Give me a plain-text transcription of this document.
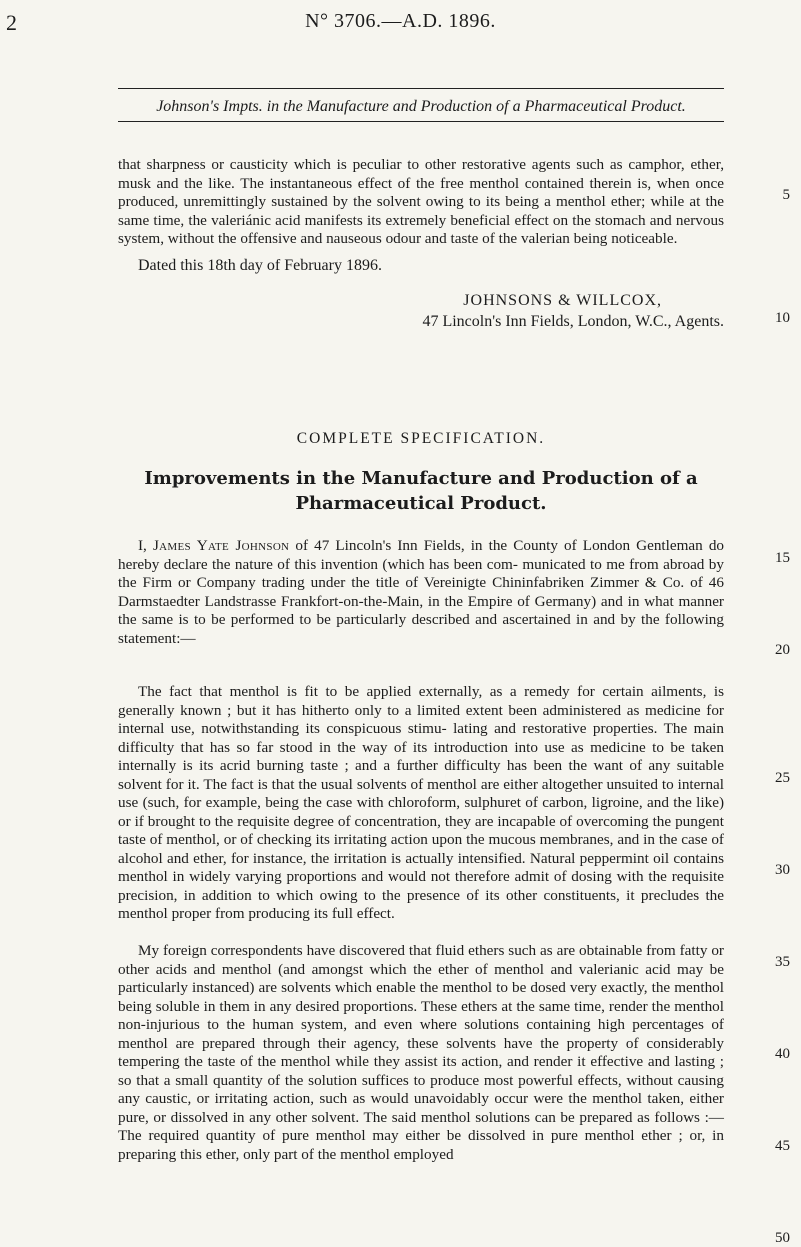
2	N° 3706.—A.D. 1896.
Johnson's Impts. in the Manufacture and Production of a Pharmaceutical Product.

that sharpness or causticity which is peculiar to other restorative agents such as camphor, ether, musk and the like. The instantaneous effect of the free menthol contained therein is, when once produced, unremittingly sustained by the solvent owing to its being a menthol ether; while at the same time, the valeriánic acid manifests its extremely beneficial effect on the stomach and nervous system, without the offensive and nauseous odour and taste of the valerian being noticeable.

Dated this 18th day of February 1896.

JOHNSONS & WILLCOX,
47 Lincoln's Inn Fields, London, W.C., Agents.
COMPLETE SPECIFICATION.
Improvements in the Manufacture and Production of a
Pharmaceutical Product.

I, James Yate Johnson of 47 Lincoln's Inn Fields, in the County of London Gentleman do hereby declare the nature of this invention (which has been com- municated to me from abroad by the Firm or Company trading under the title of Vereinigte Chininfabriken Zimmer & Co. of 46 Darmstaedter Landstrasse Frankfort-on-the-Main, in the Empire of Germany) and in what manner the same is to be performed to be particularly described and ascertained in and by the following statement:—

The fact that menthol is fit to be applied externally, as a remedy for certain ailments, is generally known ; but it has hitherto only to a limited extent been administered as medicine for internal use, notwithstanding its conspicuous stimu- lating and restorative properties. The main difficulty that has so far stood in the way of its introduction into use as medicine to be taken internally is its acrid burning taste ; and a further difficulty has been the want of any suitable solvent for it. The fact is that the usual solvents of menthol are either altogether unsuited to internal use (such, for example, being the case with chloroform, sulphuret of carbon, ligroine, and the like) or if brought to the requisite degree of concentration, they are incapable of overcoming the pungent taste of menthol, or of checking its irritating action upon the mucous membranes, and in the case of alcohol and ether, for instance, the irritation is actually intensified. Natural peppermint oil contains menthol in widely varying proportions and would not therefore admit of dosing with the requisite precision, in addition to which owing to the presence of its other constituents, it precludes the menthol proper from producing its full effect.

My foreign correspondents have discovered that fluid ethers such as are obtainable from fatty or other acids and menthol (and amongst which the ether of menthol and valerianic acid may be particularly instanced) are solvents which enable the menthol to be dosed very exactly, the menthol being soluble in them in any desired proportions. These ethers at the same time, render the menthol non-injurious to the human system, and even where solutions containing high percentages of menthol are prepared through their agency, these solvents have the property of considerably tempering the taste of the menthol while they assist its action, and render it effective and lasting ; so that a small quantity of the solution suffices to produce most powerful effects, without causing any caustic, or irritating action, such as would unavoidably occur were the menthol taken, either pure, or dissolved in any other solvent. The said menthol solutions can be prepared as follows :—The required quantity of pure menthol may either be dissolved in pure menthol ether ; or, in preparing this ether, only part of the menthol employed

5
10
15
20
25
30
35
40
45
50
